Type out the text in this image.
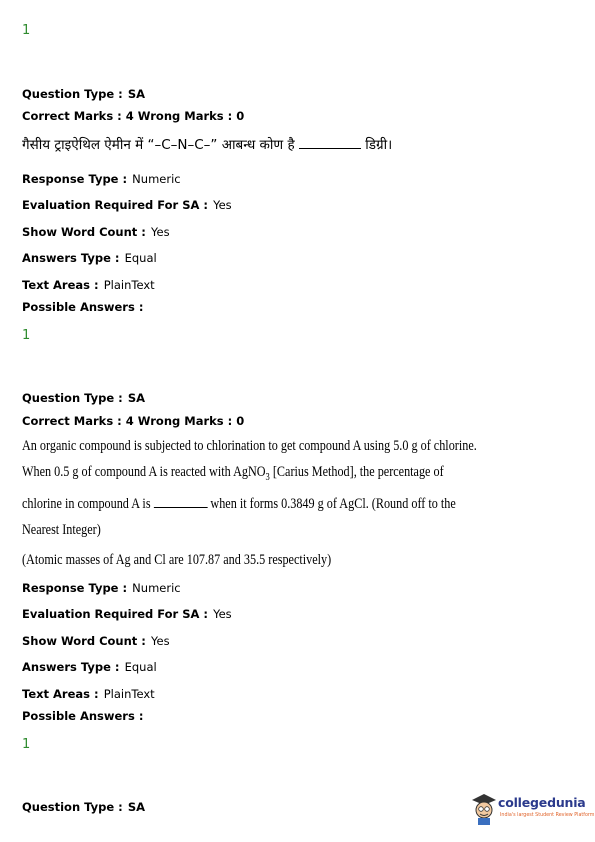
1
Question Type : SA
Correct Marks : 4 Wrong Marks : 0
गैसीय ट्राइऐथिल ऐमीन में “–C–N–C–” आबन्ध कोण है	डिग्री।
Response Type : Numeric
Evaluation Required For SA : Yes
Show Word Count : Yes
Answers Type : Equal
Text Areas : PlainText
Possible Answers :
1
Question Type : SA
Correct Marks : 4 Wrong Marks : 0
An organic compound is subjected to chlorination to get compound A using 5.0 g of chlorine.
When 0.5 g of compound A is reacted with AgNO$_3$ [Carius Method], the percentage of
chlorine in compound A is	when it forms 0.3849 g of AgCl. (Round off to the
Nearest Integer)
(Atomic masses of Ag and Cl are 107.87 and 35.5 respectively)
Response Type : Numeric
Evaluation Required For SA : Yes
Show Word Count : Yes
Answers Type : Equal
Text Areas : PlainText
Possible Answers :
1
Question Type : SA	collegedunia
India's largest Student Review Platform
